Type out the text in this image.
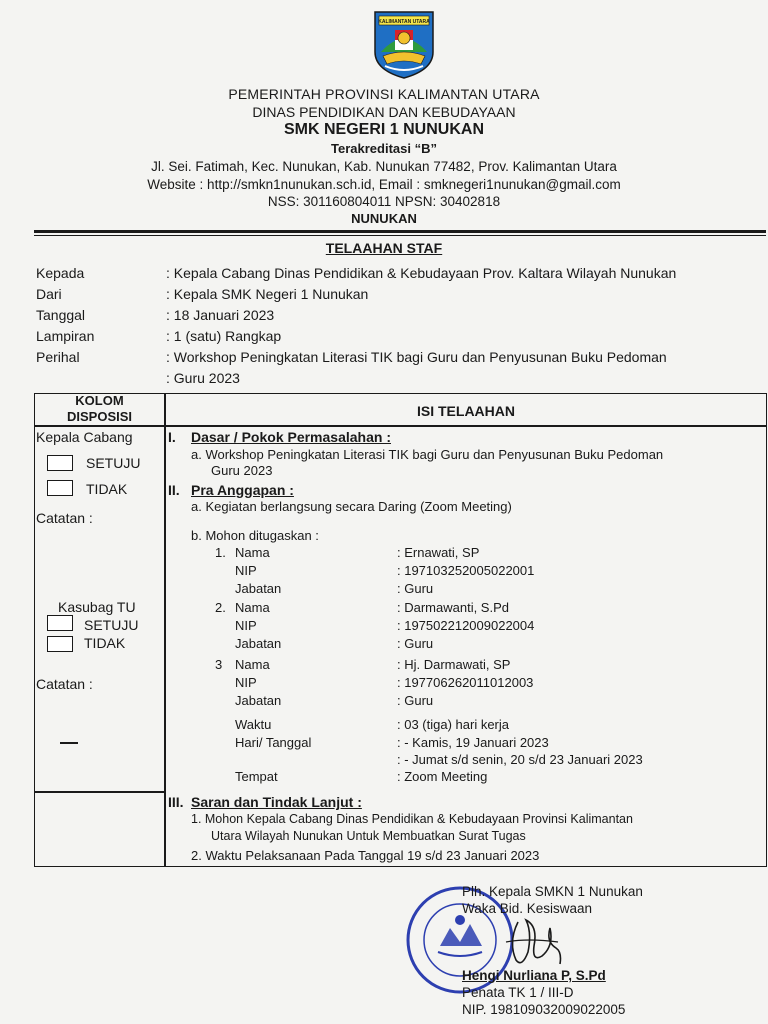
KALIMANTAN UTARA
PEMERINTAH PROVINSI KALIMANTAN UTARA
DINAS PENDIDIKAN DAN KEBUDAYAAN
SMK NEGERI 1 NUNUKAN
Terakreditasi “B”
Jl. Sei. Fatimah, Kec. Nunukan, Kab. Nunukan 77482, Prov. Kalimantan Utara
Website : http://smkn1nunukan.sch.id, Email : smknegeri1nunukan@gmail.com
NSS: 301160804011 NPSN: 30402818
NUNUKAN
TELAAHAN STAF
Kepada	: Kepala Cabang Dinas Pendidikan & Kebudayaan Prov. Kaltara Wilayah Nunukan
Dari	: Kepala SMK Negeri 1 Nunukan
Tanggal	: 18 Januari 2023
Lampiran	: 1 (satu) Rangkap
Perihal	: Workshop Peningkatan Literasi TIK bagi Guru dan Penyusunan Buku Pedoman
: Guru 2023
KOLOM
DISPOSISI
Kepala Cabang
SETUJU
TIDAK
Catatan :
Kasubag TU
SETUJU
TIDAK
Catatan :
ISI TELAAHAN
I. Dasar / Pokok Permasalahan :
a. Workshop Peningkatan Literasi TIK bagi Guru dan Penyusunan Buku Pedoman
Guru 2023
II. Pra Anggapan :
a. Kegiatan berlangsung secara Daring (Zoom Meeting)
b. Mohon ditugaskan :
1. Nama	: Ernawati, SP
NIP	: 197103252005022001
Jabatan	: Guru
2. Nama	: Darmawanti, S.Pd
NIP	: 197502212009022004
Jabatan	: Guru
3 Nama	: Hj. Darmawati, SP
NIP	: 197706262011012003
Jabatan	: Guru
Waktu	: 03 (tiga) hari kerja
Hari/ Tanggal	: - Kamis, 19 Januari 2023
: - Jumat s/d senin, 20 s/d 23 Januari 2023
Tempat	: Zoom Meeting
III. Saran dan Tindak Lanjut :
1. Mohon Kepala Cabang Dinas Pendidikan & Kebudayaan Provinsi Kalimantan
Utara Wilayah Nunukan Untuk Membuatkan Surat Tugas
2. Waktu Pelaksanaan Pada Tanggal 19 s/d 23 Januari 2023
Plh. Kepala SMKN 1 Nunukan
Waka Bid. Kesiswaan
Hengi Nurliana P, S.Pd
Penata TK 1 / III-D
NIP. 198109032009022005
